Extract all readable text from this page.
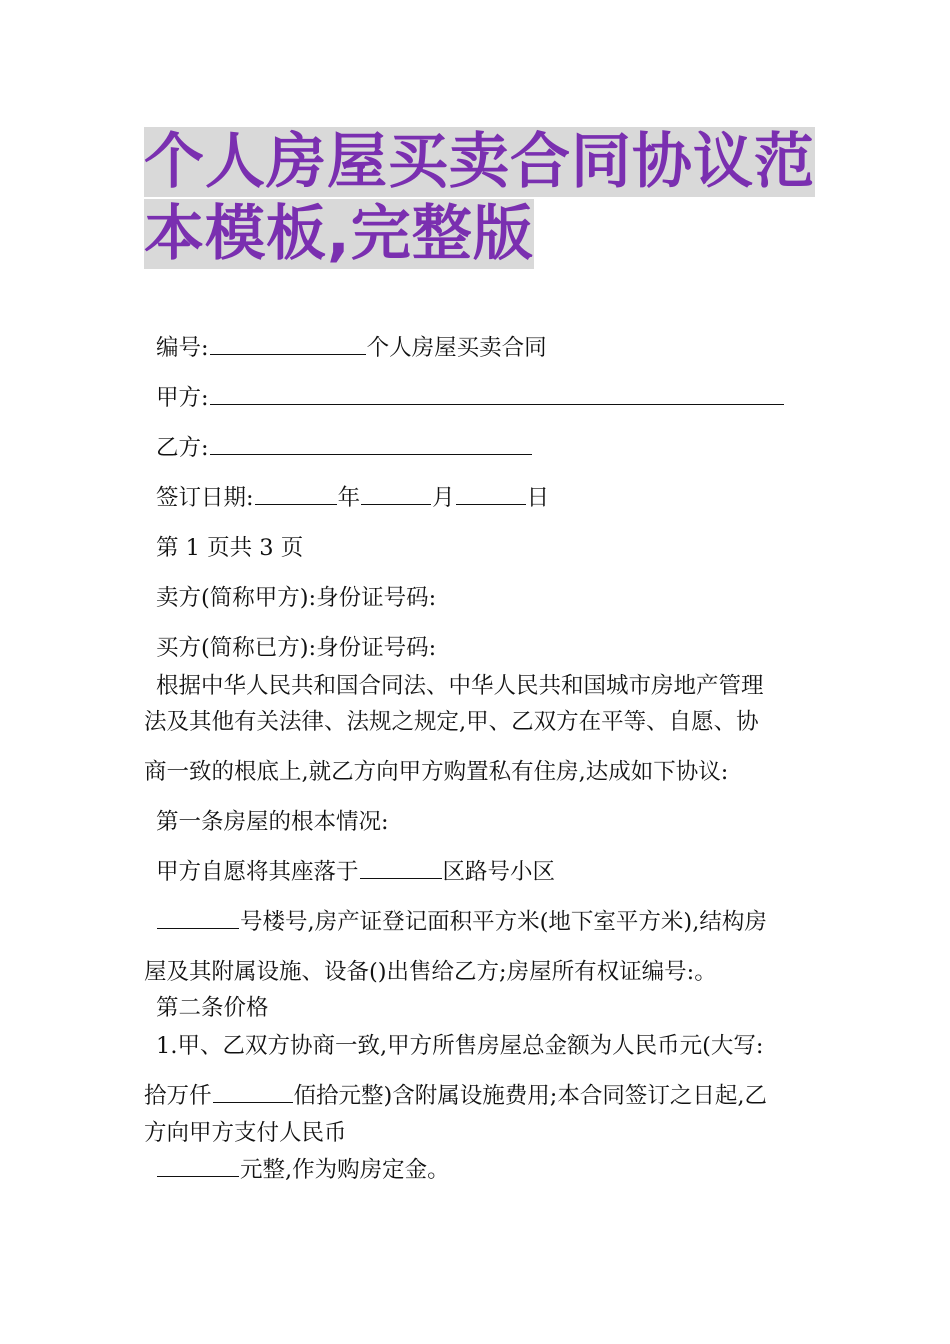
个人房屋买卖合同协议范本模板,完整版
编号:	个人房屋买卖合同
甲方:
乙方:
签订日期:	年	月	日
第 1 页共 3 页
卖方(简称甲方):身份证号码:
买方(简称已方):身份证号码:
根据中华人民共和国合同法、中华人民共和国城市房地产管理
法及其他有关法律、法规之规定,甲、乙双方在平等、自愿、协
商一致的根底上,就乙方向甲方购置私有住房,达成如下协议:
第一条房屋的根本情况:
甲方自愿将其座落于	区路号小区
号楼号,房产证登记面积平方米(地下室平方米),结构房
屋及其附属设施、设备()出售给乙方;房屋所有权证编号:。
第二条价格
1.甲、乙双方协商一致,甲方所售房屋总金额为人民币元(大写:
拾万仟	佰拾元整)含附属设施费用;本合同签订之日起,乙
方向甲方支付人民币
元整,作为购房定金。
